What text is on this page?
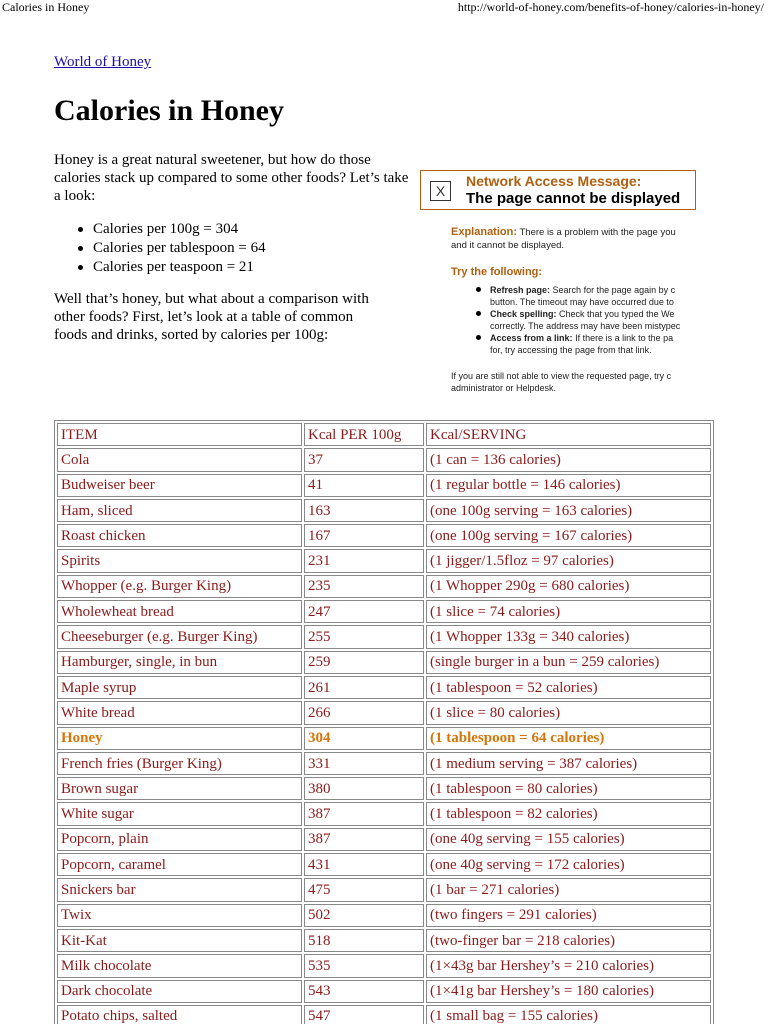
Calories in Honey	http://world-of-honey.com/benefits-of-honey/calories-in-honey/
World of Honey
Calories in Honey

Honey is a great natural sweetener, but how do those calories stack up compared to some other foods? Let’s take a look:

Calories per 100g = 304
Calories per tablespoon = 64
Calories per teaspoon = 21

Well that’s honey, but what about a comparison with other foods? First, let’s look at a table of common foods and drinks, sorted by calories per 100g:

X
Network Access Message:
The page cannot be displayed
Explanation: There is a problem with the page you
and it cannot be displayed.
Try the following:
Refresh page: Search for the page again by c
button. The timeout may have occurred due to
Check spelling: Check that you typed the We
correctly. The address may have been mistypec
Access from a link: If there is a link to the pa
for, try accessing the page from that link.
If you are still not able to view the requested page, try c
administrator or Helpdesk.
ITEM	Kcal PER 100g	Kcal/SERVING
Cola	37	(1 can = 136 calories)
Budweiser beer	41	(1 regular bottle = 146 calories)
Ham, sliced	163	(one 100g serving = 163 calories)
Roast chicken	167	(one 100g serving = 167 calories)
Spirits	231	(1 jigger/1.5floz = 97 calories)
Whopper (e.g. Burger King)	235	(1 Whopper 290g = 680 calories)
Wholewheat bread	247	(1 slice = 74 calories)
Cheeseburger (e.g. Burger King)	255	(1 Whopper 133g = 340 calories)
Hamburger, single, in bun	259	(single burger in a bun = 259 calories)
Maple syrup	261	(1 tablespoon = 52 calories)
White bread	266	(1 slice = 80 calories)
Honey	304	(1 tablespoon = 64 calories)
French fries (Burger King)	331	(1 medium serving = 387 calories)
Brown sugar	380	(1 tablespoon = 80 calories)
White sugar	387	(1 tablespoon = 82 calories)
Popcorn, plain	387	(one 40g serving = 155 calories)
Popcorn, caramel	431	(one 40g serving = 172 calories)
Snickers bar	475	(1 bar = 271 calories)
Twix	502	(two fingers = 291 calories)
Kit-Kat	518	(two-finger bar = 218 calories)
Milk chocolate	535	(1×43g bar Hershey’s = 210 calories)
Dark chocolate	543	(1×41g bar Hershey’s = 180 calories)
Potato chips, salted	547	(1 small bag = 155 calories)
